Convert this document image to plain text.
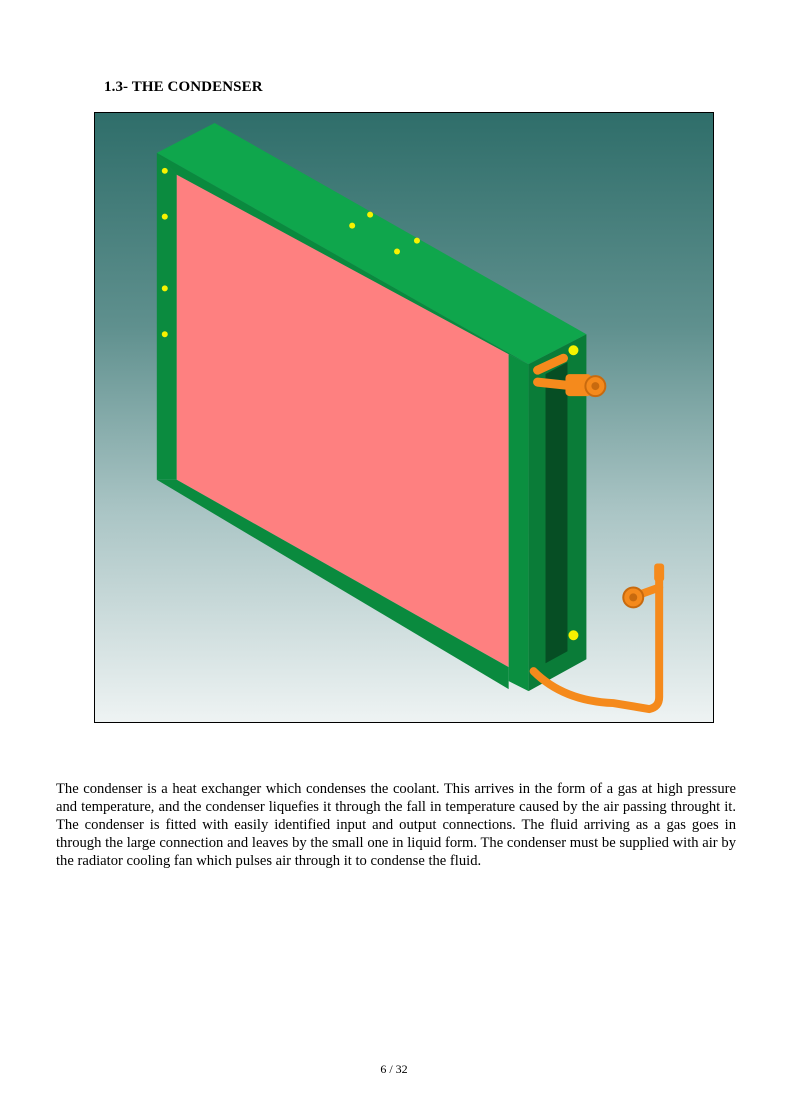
1.3- THE CONDENSER
The condenser is a heat exchanger which condenses the coolant. This arrives in the form of a gas at high pressure and temperature, and the condenser liquefies it through the fall in temperature caused by the air passing throught it. The condenser is fitted with easily identified input and output connections. The fluid arriving as a gas goes in through the large connection and leaves by the small one in liquid form. The condenser must be supplied with air by the radiator cooling fan which pulses air through it to condense the fluid.
6 / 32
